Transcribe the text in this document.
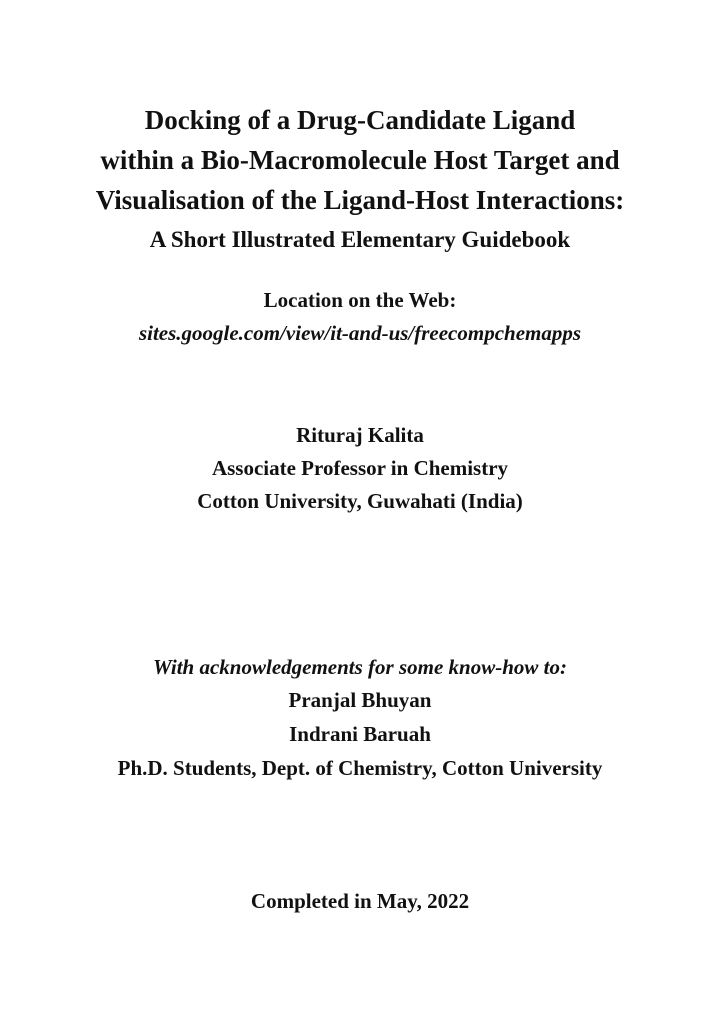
Docking of a Drug-Candidate Ligand
within a Bio-Macromolecule Host Target and
Visualisation of the Ligand-Host Interactions:
A Short Illustrated Elementary Guidebook
Location on the Web:
sites.google.com/view/it-and-us/freecompchemapps
Rituraj Kalita
Associate Professor in Chemistry
Cotton University, Guwahati (India)
With acknowledgements for some know-how to:
Pranjal Bhuyan
Indrani Baruah
Ph.D. Students, Dept. of Chemistry, Cotton University
Completed in May, 2022
